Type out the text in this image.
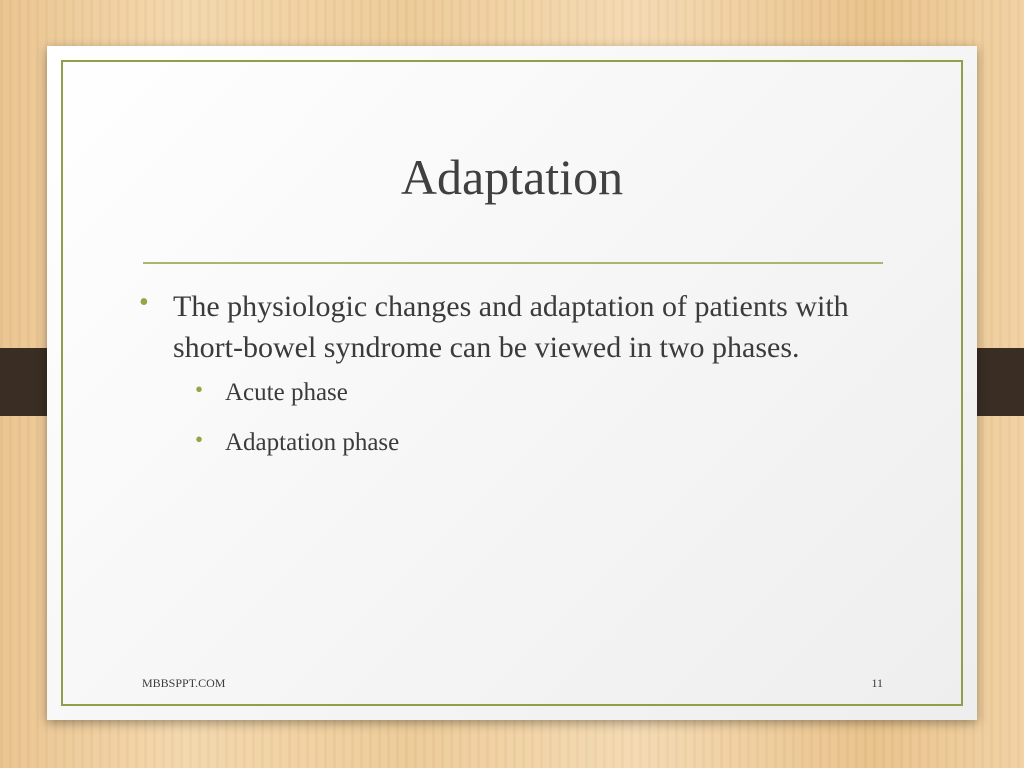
Adaptation
• The physiologic changes and adaptation of patients with short-bowel syndrome can be viewed in two phases.
• Acute phase
• Adaptation phase
MBBSPPT.COM	11
